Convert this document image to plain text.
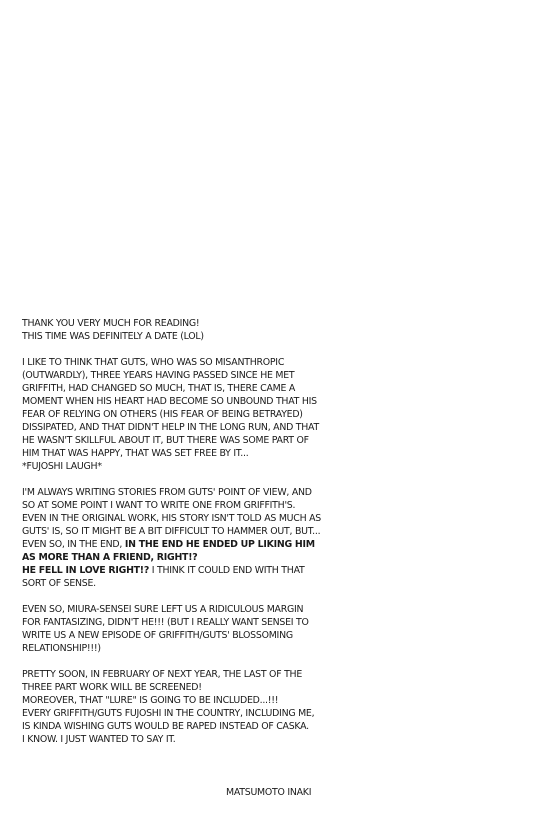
THANK YOU VERY MUCH FOR READING!
THIS TIME WAS DEFINITELY A DATE (LOL)

I LIKE TO THINK THAT GUTS, WHO WAS SO MISANTHROPIC
(OUTWARDLY), THREE YEARS HAVING PASSED SINCE HE MET
GRIFFITH, HAD CHANGED SO MUCH, THAT IS, THERE CAME A
MOMENT WHEN HIS HEART HAD BECOME SO UNBOUND THAT HIS
FEAR OF RELYING ON OTHERS (HIS FEAR OF BEING BETRAYED)
DISSIPATED, AND THAT DIDN'T HELP IN THE LONG RUN, AND THAT
HE WASN'T SKILLFUL ABOUT IT, BUT THERE WAS SOME PART OF
HIM THAT WAS HAPPY, THAT WAS SET FREE BY IT...
*FUJOSHI LAUGH*

I'M ALWAYS WRITING STORIES FROM GUTS' POINT OF VIEW, AND
SO AT SOME POINT I WANT TO WRITE ONE FROM GRIFFITH'S.
EVEN IN THE ORIGINAL WORK, HIS STORY ISN'T TOLD AS MUCH AS
GUTS' IS, SO IT MIGHT BE A BIT DIFFICULT TO HAMMER OUT, BUT...
EVEN SO, IN THE END, IN THE END HE ENDED UP LIKING HIM
AS MORE THAN A FRIEND, RIGHT!?
HE FELL IN LOVE RIGHT!? I THINK IT COULD END WITH THAT
SORT OF SENSE.

EVEN SO, MIURA-SENSEI SURE LEFT US A RIDICULOUS MARGIN
FOR FANTASIZING, DIDN'T HE!!! (BUT I REALLY WANT SENSEI TO
WRITE US A NEW EPISODE OF GRIFFITH/GUTS' BLOSSOMING
RELATIONSHIP!!!)

PRETTY SOON, IN FEBRUARY OF NEXT YEAR, THE LAST OF THE
THREE PART WORK WILL BE SCREENED!
MOREOVER, THAT "LURE" IS GOING TO BE INCLUDED...!!!
EVERY GRIFFITH/GUTS FUJOSHI IN THE COUNTRY, INCLUDING ME,
IS KINDA WISHING GUTS WOULD BE RAPED INSTEAD OF CASKA.
I KNOW. I JUST WANTED TO SAY IT.

MATSUMOTO INAKI
